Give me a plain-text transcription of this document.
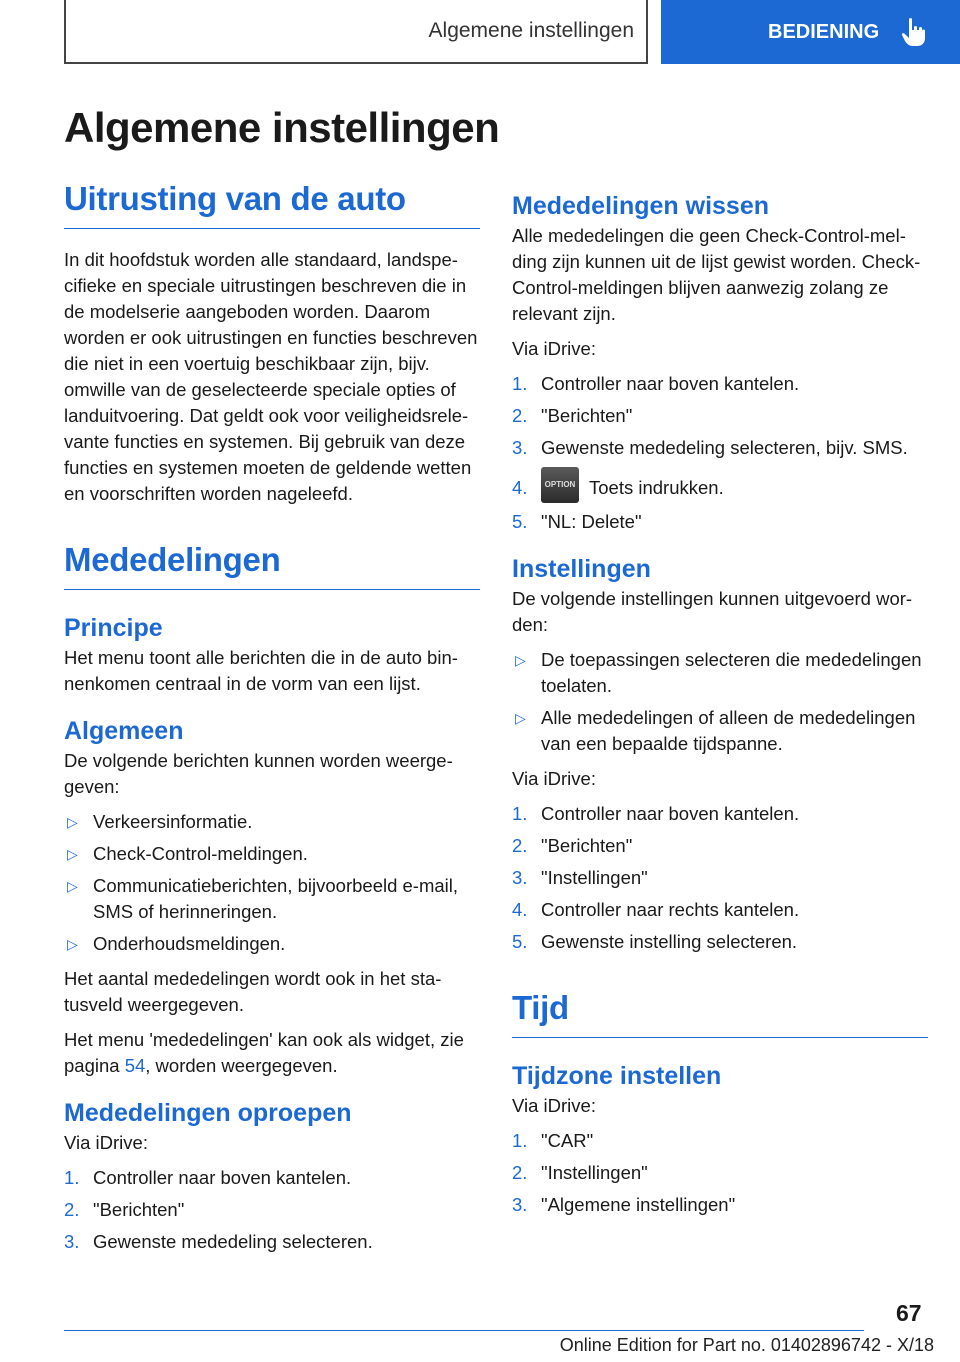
Algemene instellingen	BEDIENING
Algemene instellingen
Uitrusting van de auto

In dit hoofdstuk worden alle standaard, landspecifieke en speciale uitrustingen beschreven die in de modelserie aangeboden worden. Daarom worden er ook uitrustingen en functies beschreven die niet in een voertuig beschikbaar zijn, bijv. omwille van de geselecteerde speciale opties of landuitvoering. Dat geldt ook voor veiligheidsrelevante functies en systemen. Bij gebruik van deze functies en systemen moeten de geldende wetten en voorschriften worden nageleefd.

Mededelingen
Principe

Het menu toont alle berichten die in de auto binnenkomen centraal in de vorm van een lijst.

Algemeen

De volgende berichten kunnen worden weergegeven:

▷ Verkeersinformatie.
▷ Check-Control-meldingen.
▷ Communicatieberichten, bijvoorbeeld e-mail, SMS of herinneringen.
▷ Onderhoudsmeldingen.

Het aantal mededelingen wordt ook in het statusveld weergegeven.

Het menu 'mededelingen' kan ook als widget, zie pagina 54, worden weergegeven.

Mededelingen oproepen

Via iDrive:

1. Controller naar boven kantelen.
2. "Berichten"
3. Gewenste mededeling selecteren.
Mededelingen wissen

Alle mededelingen die geen Check-Control-melding zijn kunnen uit de lijst gewist worden. Check-Control-meldingen blijven aanwezig zolang ze relevant zijn.

Via iDrive:

1. Controller naar boven kantelen.
2. "Berichten"
3. Gewenste mededeling selecteren, bijv. SMS.
4. OPTION Toets indrukken.
5. "NL: Delete"
Instellingen

De volgende instellingen kunnen uitgevoerd worden:

▷ De toepassingen selecteren die mededelingen toelaten.
▷ Alle mededelingen of alleen de mededelingen van een bepaalde tijdspanne.

Via iDrive:

1. Controller naar boven kantelen.
2. "Berichten"
3. "Instellingen"
4. Controller naar rechts kantelen.
5. Gewenste instelling selecteren.
Tijd
Tijdzone instellen

Via iDrive:

1. "CAR"
2. "Instellingen"
3. "Algemene instellingen"
67
Online Edition for Part no. 01402896742 - X/18
